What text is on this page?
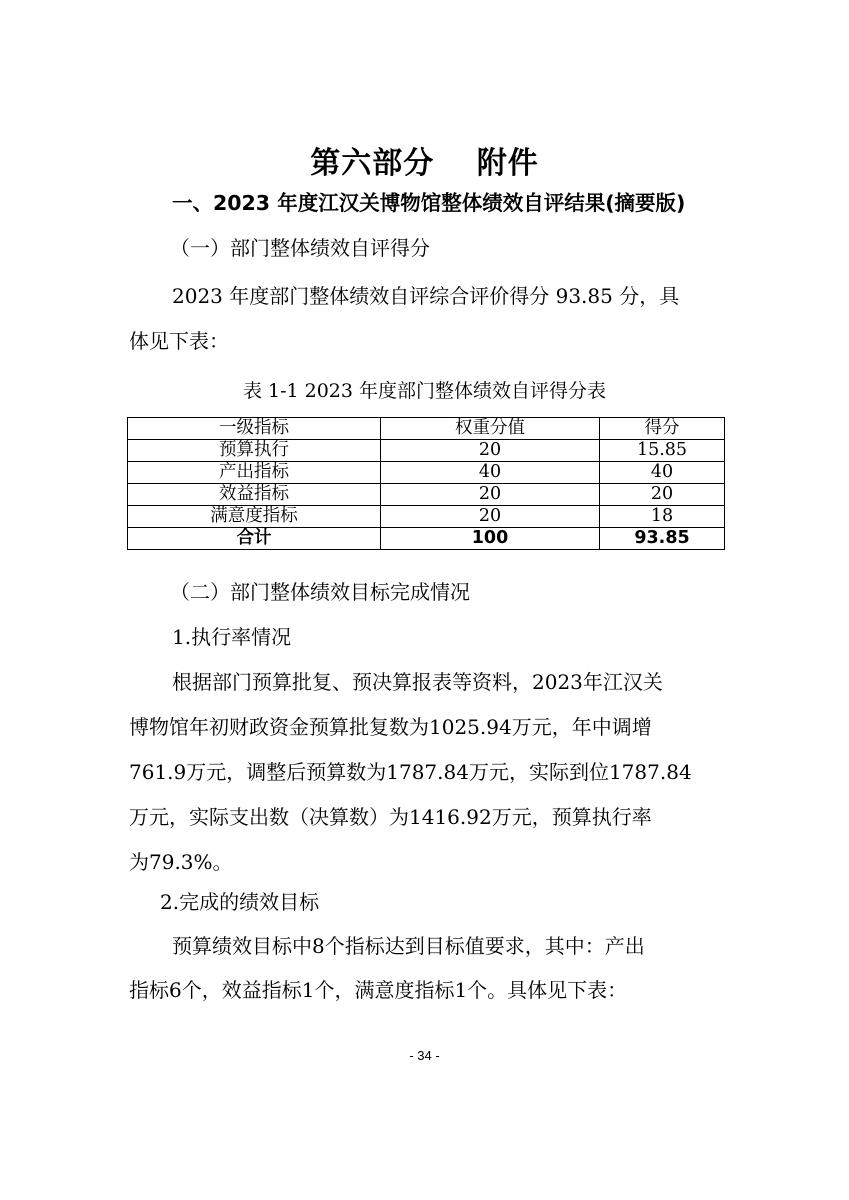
第六部分　 附件
一、2023 年度江汉关博物馆整体绩效自评结果(摘要版)
（一）部门整体绩效自评得分
2023 年度部门整体绩效自评综合评价得分 93.85 分，具
体见下表：
表 1-1 2023 年度部门整体绩效自评得分表
一级指标	权重分值	得分
预算执行	20	15.85
产出指标	40	40
效益指标	20	20
满意度指标	20	18
合计	100	93.85
（二）部门整体绩效目标完成情况
1.执行率情况
根据部门预算批复、预决算报表等资料，2023年江汉关
博物馆年初财政资金预算批复数为1025.94万元，年中调增
761.9万元，调整后预算数为1787.84万元，实际到位1787.84
万元，实际支出数（决算数）为1416.92万元，预算执行率
为79.3%。
2.完成的绩效目标
预算绩效目标中8个指标达到目标值要求，其中：产出
指标6个，效益指标1个，满意度指标1个。具体见下表：
- 34 -
